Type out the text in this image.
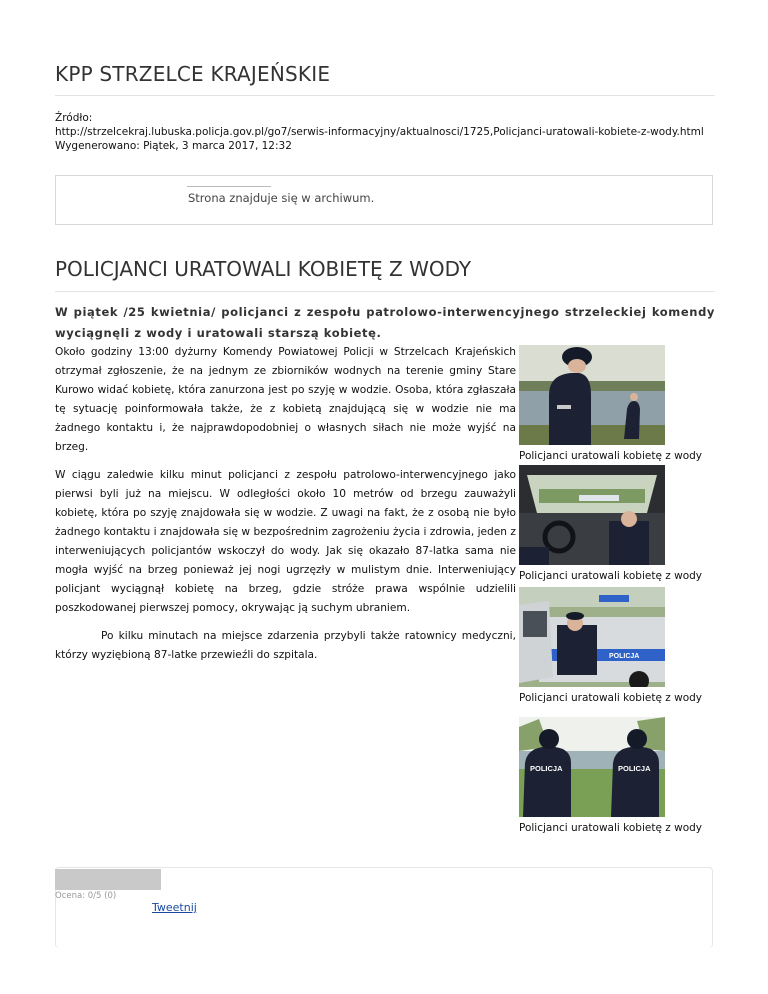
KPP STRZELCE KRAJEŃSKIE
Źródło:
http://strzelcekraj.lubuska.policja.gov.pl/go7/serwis-informacyjny/aktualnosci/1725,Policjanci-uratowali-kobiete-z-wody.html
Wygenerowano: Piątek, 3 marca 2017, 12:32
Strona znajduje się w archiwum.
POLICJANCI URATOWALI KOBIETĘ Z WODY

W piątek /25 kwietnia/ policjanci z zespołu patrolowo-interwencyjnego strzeleckiej komendy wyciągnęli z wody i uratowali starszą kobietę.

Około godziny 13:00 dyżurny Komendy Powiatowej Policji w Strzelcach Krajeńskich otrzymał zgłoszenie, że na jednym ze zbiorników wodnych na terenie gminy Stare Kurowo widać kobietę, która zanurzona jest po szyję w wodzie. Osoba, która zgłaszała tę sytuację poinformowała także, że z kobietą znajdującą się w wodzie nie ma żadnego kontaktu i, że najprawdopodobniej o własnych siłach nie może wyjść na brzeg.

W ciągu zaledwie kilku minut policjanci z zespołu patrolowo-interwencyjnego jako pierwsi byli już na miejscu. W odległości około 10 metrów od brzegu zauważyli kobietę, która po szyję znajdowała się w wodzie. Z uwagi na fakt, że z osobą nie było żadnego kontaktu i znajdowała się w bezpośrednim zagrożeniu życia i zdrowia, jeden z interweniujących policjantów wskoczył do wody. Jak się okazało 87-latka sama nie mogła wyjść na brzeg ponieważ jej nogi ugrzęzły w mulistym dnie. Interweniujący policjant wyciągnął kobietę na brzeg, gdzie stróże prawa wspólnie udzielili poszkodowanej pierwszej pomocy, okrywając ją suchym ubraniem.

Po kilku minutach na miejsce zdarzenia przybyli także ratownicy medyczni, którzy wyziębioną 87-latke przewieźli do szpitala.

Policjanci uratowali kobietę z wody
Policjanci uratowali kobietę z wody
POLICJA
Policjanci uratowali kobietę z wody
POLICJA	POLICJA
Policjanci uratowali kobietę z wody
Ocena: 0/5 (0)
Tweetnij
